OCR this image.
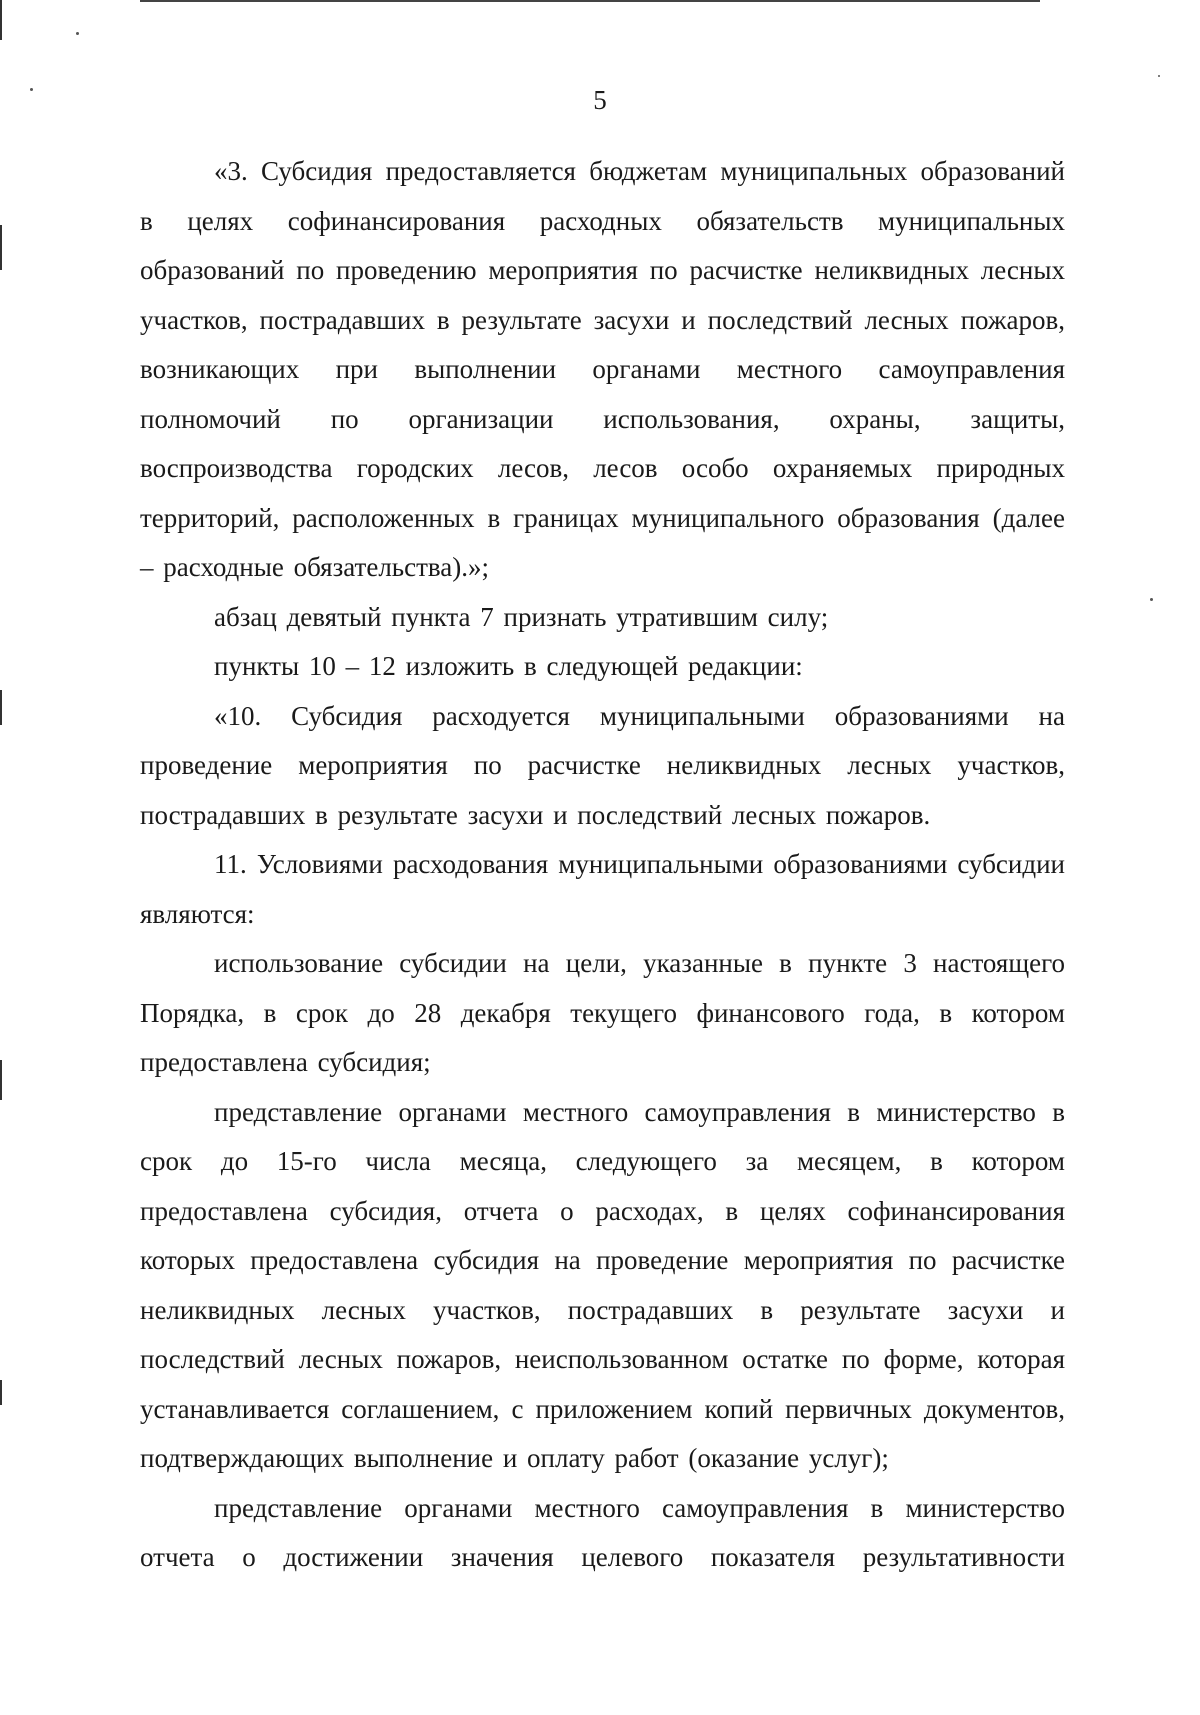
5

«3. Субсидия предоставляется бюджетам муниципальных образований в целях софинансирования расходных обязательств муниципальных образований по проведению мероприятия по расчистке неликвидных лесных участков, пострадавших в результате засухи и последствий лесных пожаров, возникающих при выполнении органами местного самоуправления полномочий по организации использования, охраны, защиты, воспроизводства городских лесов, лесов особо охраняемых природных территорий, расположенных в границах муниципального образования (далее – расходные обязательства).»;

абзац девятый пункта 7 признать утратившим силу;

пункты 10 – 12 изложить в следующей редакции:

«10. Субсидия расходуется муниципальными образованиями на проведение мероприятия по расчистке неликвидных лесных участков, пострадавших в результате засухи и последствий лесных пожаров.

11. Условиями расходования муниципальными образованиями субсидии являются:

использование субсидии на цели, указанные в пункте 3 настоящего Порядка, в срок до 28 декабря текущего финансового года, в котором предоставлена субсидия;

представление органами местного самоуправления в министерство в срок до 15-го числа месяца, следующего за месяцем, в котором предоставлена субсидия, отчета о расходах, в целях софинансирования которых предоставлена субсидия на проведение мероприятия по расчистке неликвидных лесных участков, пострадавших в результате засухи и последствий лесных пожаров, неиспользованном остатке по форме, которая устанавливается соглашением, с приложением копий первичных документов, подтверждающих выполнение и оплату работ (оказание услуг);

представление органами местного самоуправления в министерство отчета о достижении значения целевого показателя результативности
